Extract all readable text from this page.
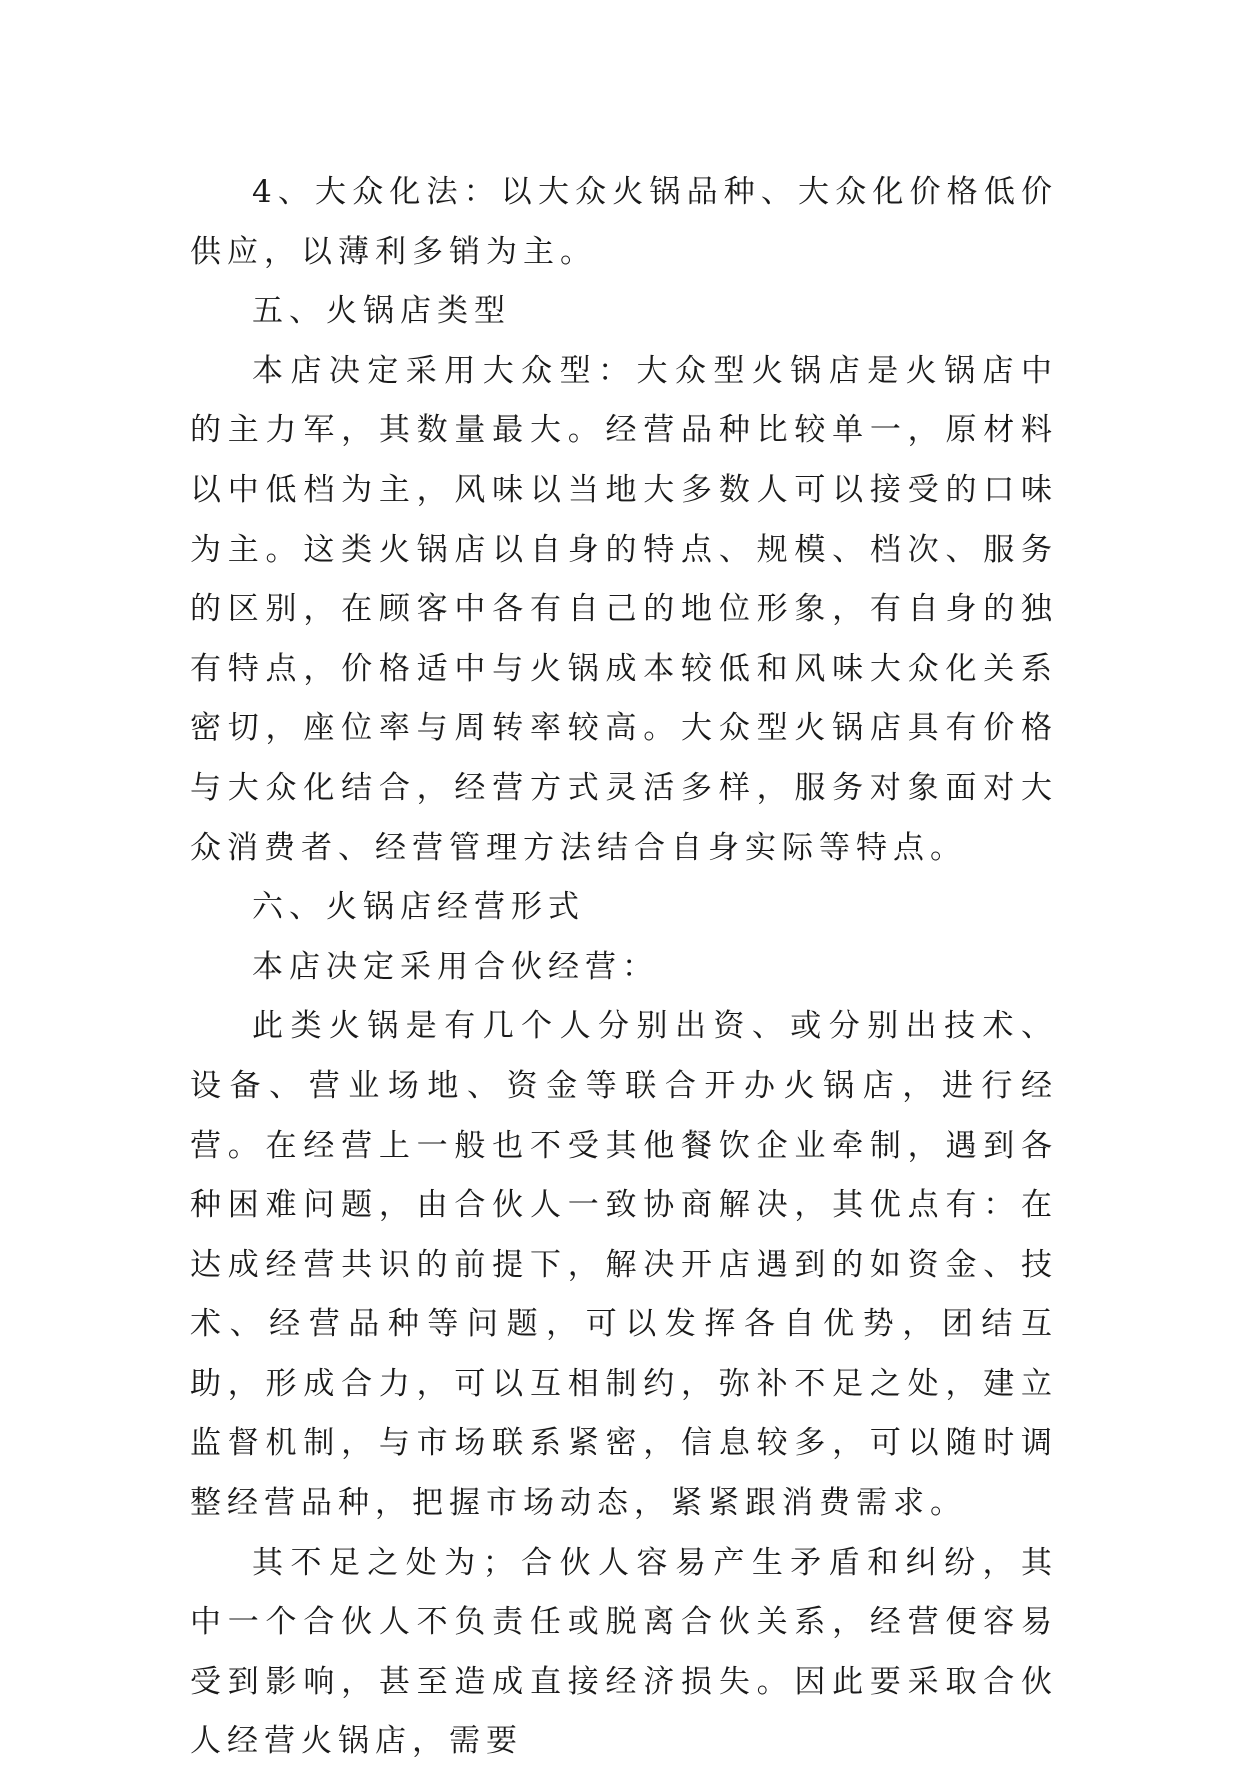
4、大众化法：以大众火锅品种、大众化价格低价供应，以薄利多销为主。

五、火锅店类型

本店决定采用大众型：大众型火锅店是火锅店中的主力军，其数量最大。经营品种比较单一，原材料以中低档为主，风味以当地大多数人可以接受的口味为主。这类火锅店以自身的特点、规模、档次、服务的区别，在顾客中各有自己的地位形象，有自身的独有特点，价格适中与火锅成本较低和风味大众化关系密切，座位率与周转率较高。大众型火锅店具有价格与大众化结合，经营方式灵活多样，服务对象面对大众消费者、经营管理方法结合自身实际等特点。

六、火锅店经营形式

本店决定采用合伙经营：

此类火锅是有几个人分别出资、或分别出技术、设备、营业场地、资金等联合开办火锅店，进行经营。在经营上一般也不受其他餐饮企业牵制，遇到各种困难问题，由合伙人一致协商解决，其优点有：在达成经营共识的前提下，解决开店遇到的如资金、技术、经营品种等问题，可以发挥各自优势，团结互助，形成合力，可以互相制约，弥补不足之处，建立监督机制，与市场联系紧密，信息较多，可以随时调整经营品种，把握市场动态，紧紧跟消费需求。

其不足之处为；合伙人容易产生矛盾和纠纷，其中一个合伙人不负责任或脱离合伙关系，经营便容易受到影响，甚至造成直接经济损失。因此要采取合伙人经营火锅店，需要
